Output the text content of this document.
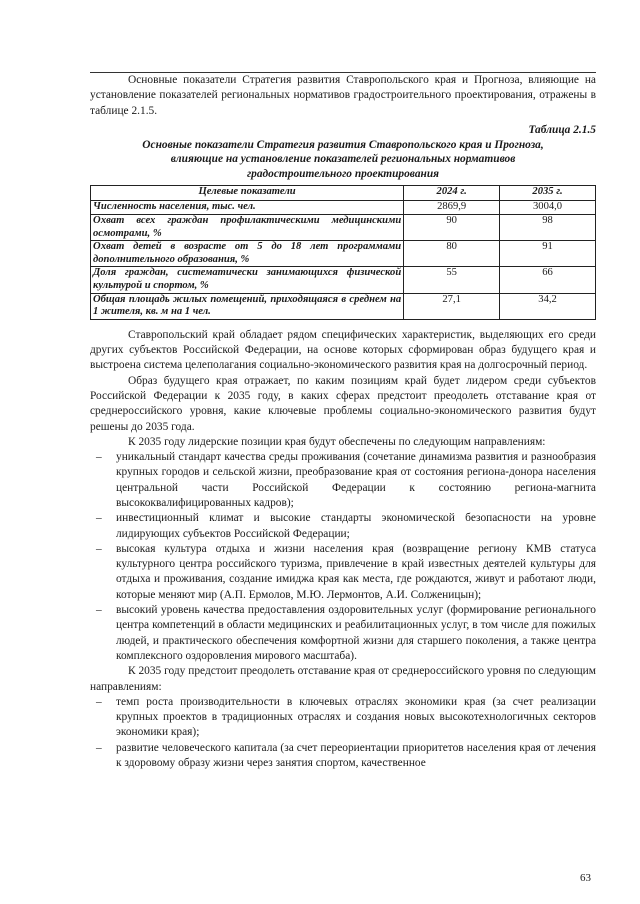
Основные показатели Стратегия развития Ставропольского края и Прогноза, влияющие на установление показателей региональных нормативов градостроительного проектирования, отражены в таблице 2.1.5.

Таблица 2.1.5
Основные показатели Стратегия развития Ставропольского края и Прогноза, влияющие на установление показателей региональных нормативов градостроительного проектирования
Целевые показатели	2024 г.	2035 г.
Численность населения, тыс. чел.	2869,9	3004,0
Охват всех граждан профилактическими медицинскими осмотрами, %	90	98
Охват детей в возрасте от 5 до 18 лет программами дополнительного образования, %	80	91
Доля граждан, систематически занимающихся физической культурой и спортом, %	55	66
Общая площадь жилых помещений, приходящаяся в среднем на 1 жителя, кв. м на 1 чел.	27,1	34,2

Ставропольский край обладает рядом специфических характеристик, выделяющих его среди других субъектов Российской Федерации, на основе которых сформирован образ будущего края и выстроена система целеполагания социально-экономического развития края на долгосрочный период.

Образ будущего края отражает, по каким позициям край будет лидером среди субъектов Российской Федерации к 2035 году, в каких сферах предстоит преодолеть отставание края от среднероссийского уровня, какие ключевые проблемы социально-экономического развития будут решены до 2035 года.

К 2035 году лидерские позиции края будут обеспечены по следующим направлениям:

– уникальный стандарт качества среды проживания (сочетание динамизма развития и разнообразия крупных городов и сельской жизни, преобразование края от состояния региона-донора населения центральной части Российской Федерации к состоянию региона-магнита высококвалифицированных кадров);
– инвестиционный климат и высокие стандарты экономической безопасности на уровне лидирующих субъектов Российской Федерации;
– высокая культура отдыха и жизни населения края (возвращение региону КМВ статуса культурного центра российского туризма, привлечение в край известных деятелей культуры для отдыха и проживания, создание имиджа края как места, где рождаются, живут и работают люди, которые меняют мир (А.П. Ермолов, М.Ю. Лермонтов, А.И. Солженицын);
– высокий уровень качества предоставления оздоровительных услуг (формирование регионального центра компетенций в области медицинских и реабилитационных услуг, в том числе для пожилых людей, и практического обеспечения комфортной жизни для старшего поколения, а также центра комплексного оздоровления мирового масштаба).

К 2035 году предстоит преодолеть отставание края от среднероссийского уровня по следующим направлениям:

– темп роста производительности в ключевых отраслях экономики края (за счет реализации крупных проектов в традиционных отраслях и создания новых высокотехнологичных секторов экономики края);
– развитие человеческого капитала (за счет переориентации приоритетов населения края от лечения к здоровому образу жизни через занятия спортом, качественное
63
